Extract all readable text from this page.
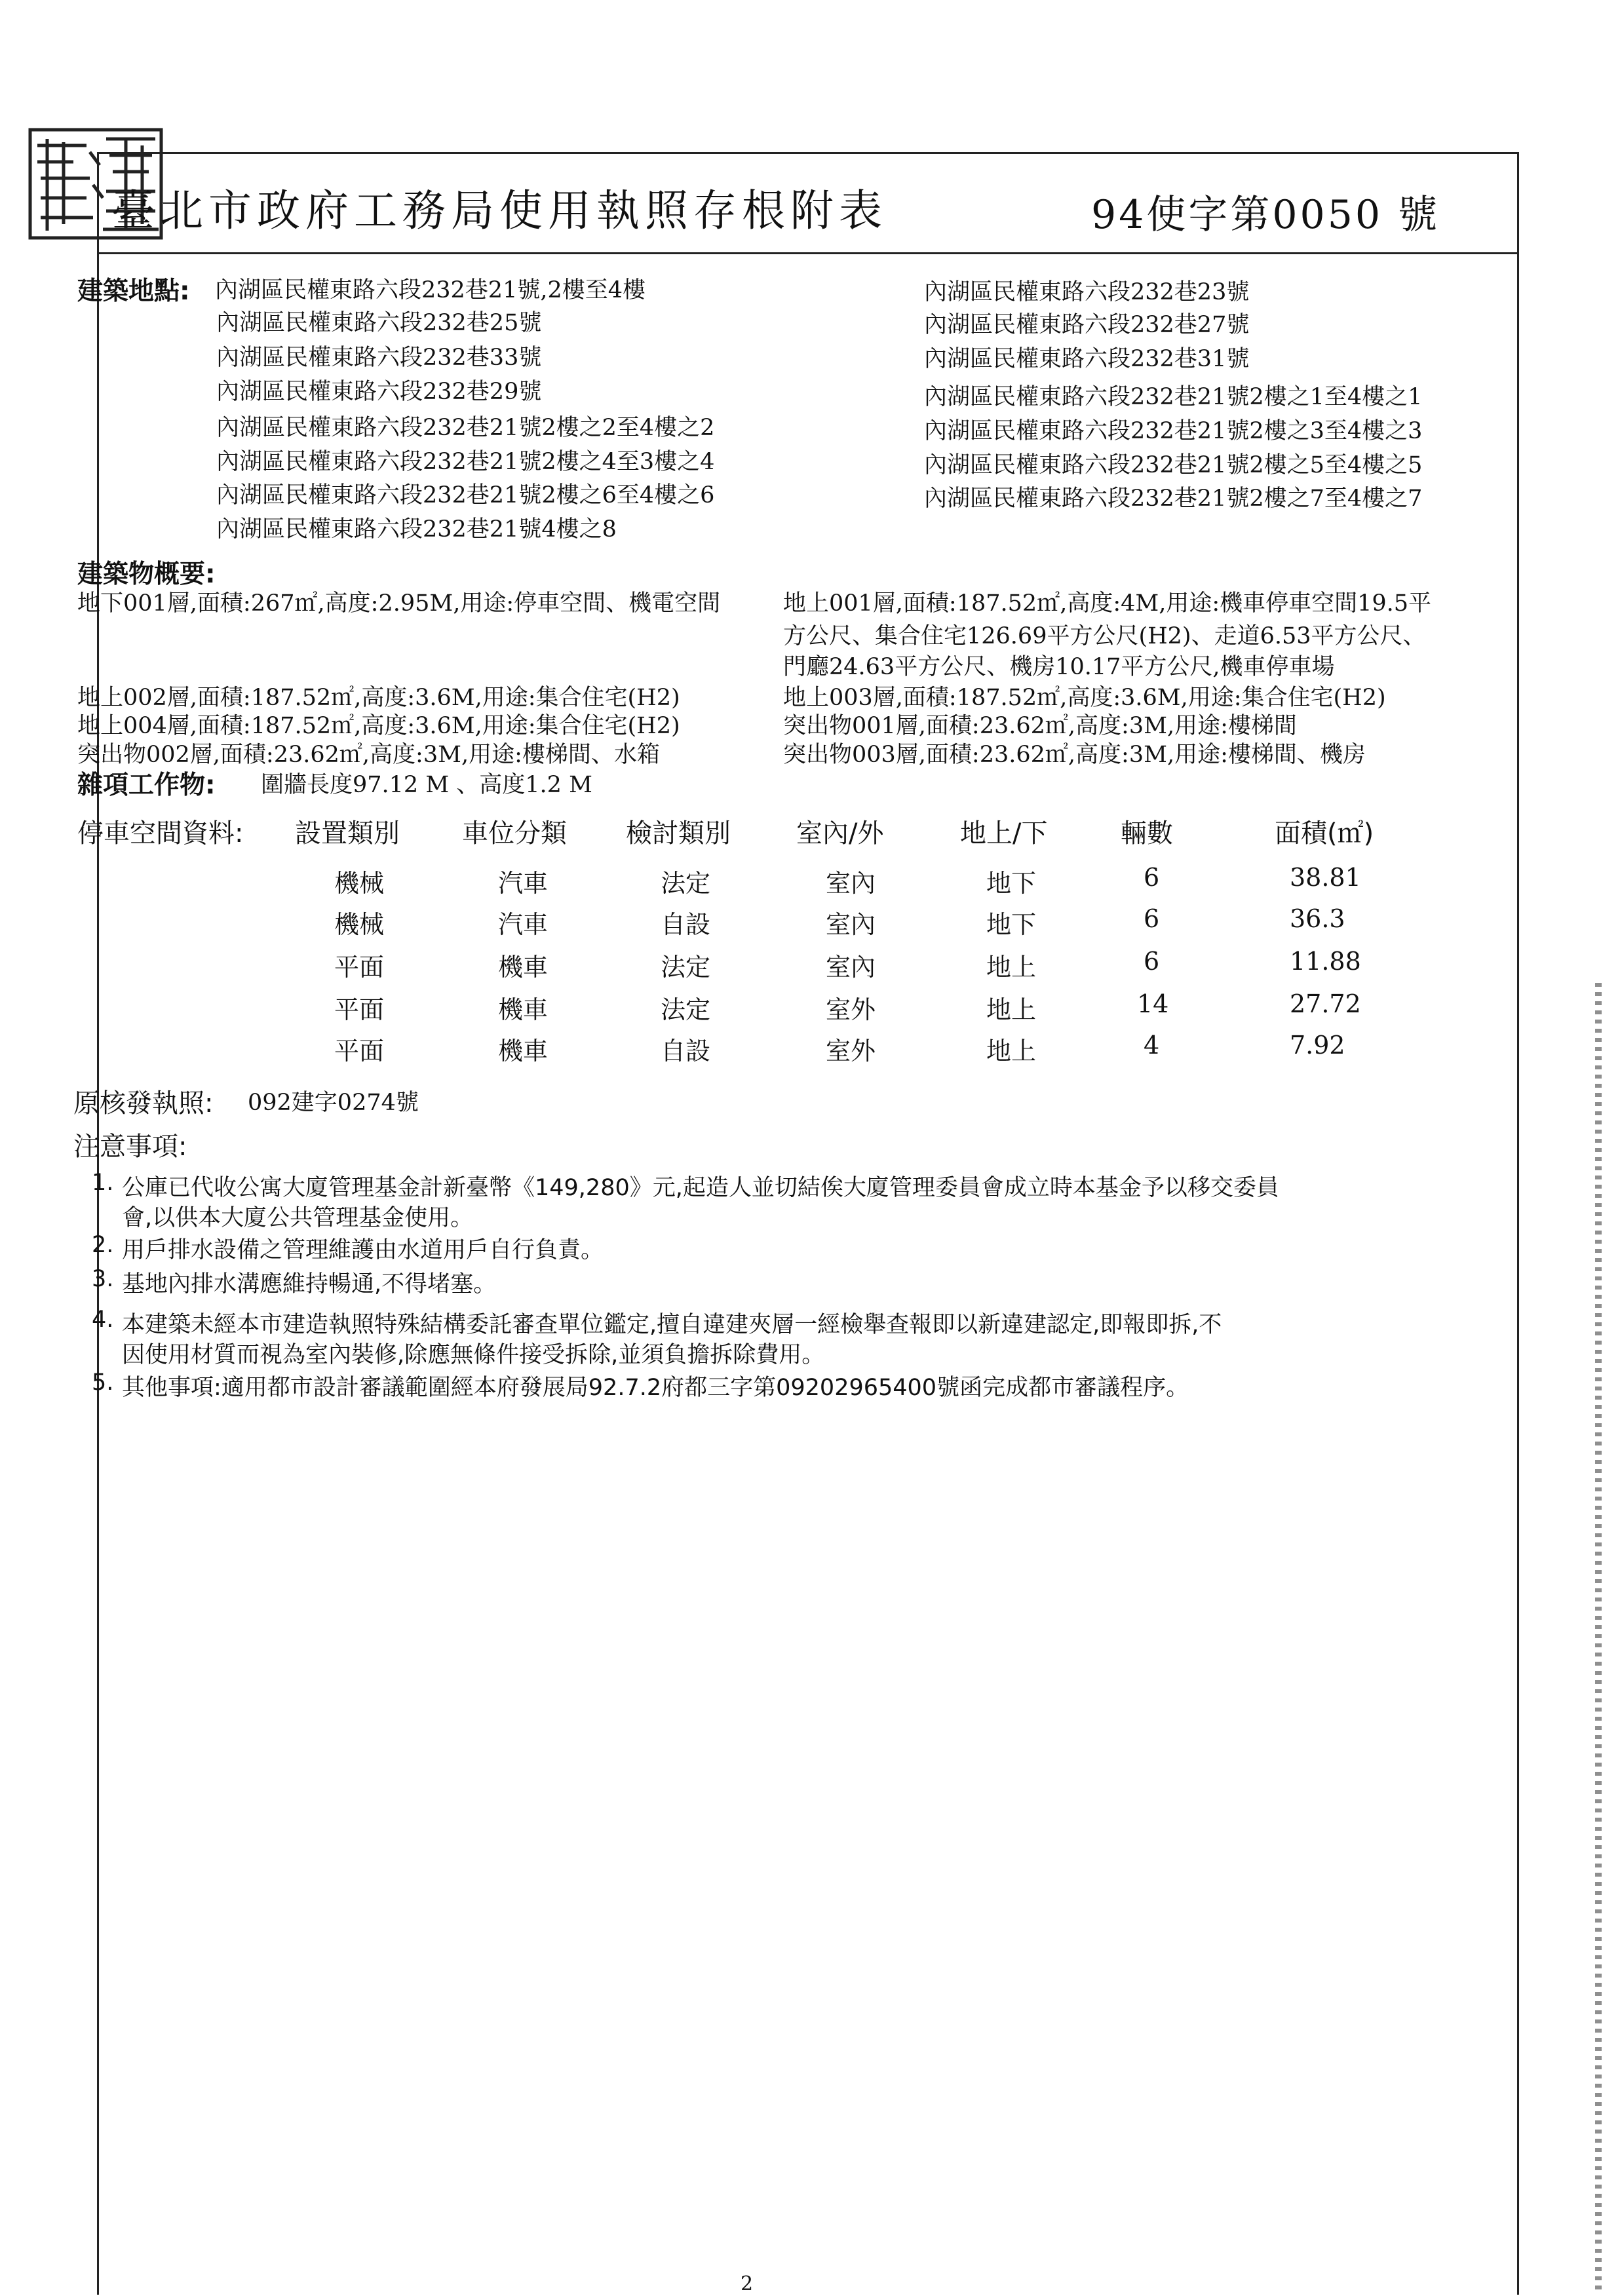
臺北市政府工務局使用執照存根附表	94使字第0050 號
建築地點: 內湖區民權東路六段232巷21號,2樓至4樓
內湖區民權東路六段232巷25號
內湖區民權東路六段232巷33號
內湖區民權東路六段232巷29號
內湖區民權東路六段232巷21號2樓之2至4樓之2
內湖區民權東路六段232巷21號2樓之4至3樓之4
內湖區民權東路六段232巷21號2樓之6至4樓之6
內湖區民權東路六段232巷21號4樓之8
內湖區民權東路六段232巷23號
內湖區民權東路六段232巷27號
內湖區民權東路六段232巷31號
內湖區民權東路六段232巷21號2樓之1至4樓之1
內湖區民權東路六段232巷21號2樓之3至4樓之3
內湖區民權東路六段232巷21號2樓之5至4樓之5
內湖區民權東路六段232巷21號2樓之7至4樓之7
建築物概要:
地下001層,面積:267㎡,高度:2.95M,用途:停車空間、機電空間	地上001層,面積:187.52㎡,高度:4M,用途:機車停車空間19.5平
方公尺、集合住宅126.69平方公尺(H2)、走道6.53平方公尺、
門廳24.63平方公尺、機房10.17平方公尺,機車停車場
地上002層,面積:187.52㎡,高度:3.6M,用途:集合住宅(H2)	地上003層,面積:187.52㎡,高度:3.6M,用途:集合住宅(H2)
地上004層,面積:187.52㎡,高度:3.6M,用途:集合住宅(H2)	突出物001層,面積:23.62㎡,高度:3M,用途:樓梯間
突出物002層,面積:23.62㎡,高度:3M,用途:樓梯間、水箱	突出物003層,面積:23.62㎡,高度:3M,用途:樓梯間、機房
雜項工作物: 圍牆長度97.12 M 、高度1.2 M
停車空間資料: 設置類別 車位分類 檢討類別	室內/外	地上/下	輛數	面積(㎡)
機械	汽車	法定	室內	地下	6	38.81
機械	汽車	自設	室內	地下	6	36.3
平面	機車	法定	室內	地上	6	11.88
平面	機車	法定	室外	地上	14	27.72
平面	機車	自設	室外	地上	4	7.92
原核發執照: 092建字0274號
注意事項:
1. 公庫已代收公寓大廈管理基金計新臺幣《149,280》元,起造人並切結俟大廈管理委員會成立時本基金予以移交委員
會,以供本大廈公共管理基金使用。
2. 用戶排水設備之管理維護由水道用戶自行負責。
3. 基地內排水溝應維持暢通,不得堵塞。
4. 本建築未經本市建造執照特殊結構委託審查單位鑑定,擅自違建夾層一經檢舉查報即以新違建認定,即報即拆,不
因使用材質而視為室內裝修,除應無條件接受拆除,並須負擔拆除費用。
5. 其他事項:適用都市設計審議範圍經本府發展局92.7.2府都三字第09202965400號函完成都市審議程序。
2
